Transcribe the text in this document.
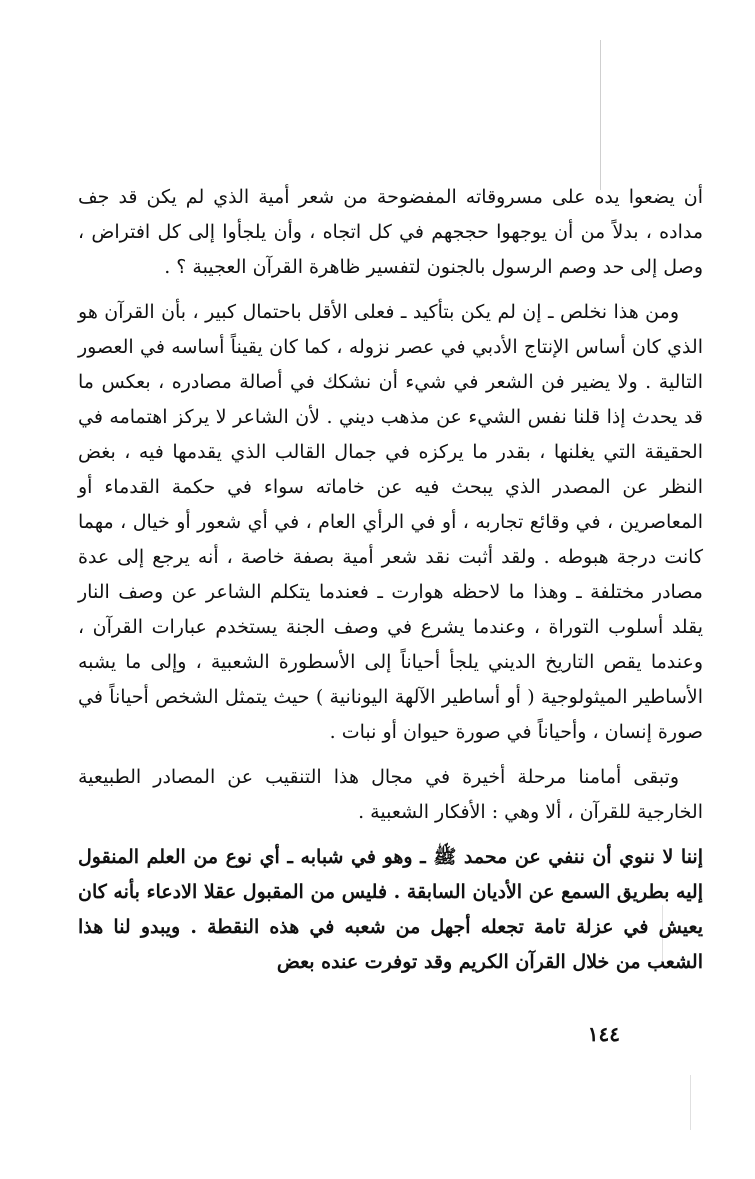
أن يضعوا يده على مسروقاته المفضوحة من شعر أمية الذي لم يكن قد جف مداده ، بدلاً من أن يوجهوا حججهم في كل اتجاه ، وأن يلجأوا إلى كل افتراض ، وصل إلى حد وصم الرسول بالجنون لتفسير ظاهرة القرآن العجيبة ؟ .

ومن هذا نخلص ـ إن لم يكن بتأكيد ـ فعلى الأقل باحتمال كبير ، بأن القرآن هو الذي كان أساس الإنتاج الأدبي في عصر نزوله ، كما كان يقيناً أساسه في العصور التالية . ولا يضير فن الشعر في شيء أن نشكك في أصالة مصادره ، بعكس ما قد يحدث إذا قلنا نفس الشيء عن مذهب ديني . لأن الشاعر لا يركز اهتمامه في الحقيقة التي يغلنها ، بقدر ما يركزه في جمال القالب الذي يقدمها فيه ، بغض النظر عن المصدر الذي يبحث فيه عن خاماته سواء في حكمة القدماء أو المعاصرين ، في وقائع تجاربه ، أو في الرأي العام ، في أي شعور أو خيال ، مهما كانت درجة هبوطه . ولقد أثبت نقد شعر أمية بصفة خاصة ، أنه يرجع إلى عدة مصادر مختلفة ـ وهذا ما لاحظه هوارت ـ فعندما يتكلم الشاعر عن وصف النار يقلد أسلوب التوراة ، وعندما يشرع في وصف الجنة يستخدم عبارات القرآن ، وعندما يقص التاريخ الديني يلجأ أحياناً إلى الأسطورة الشعبية ، وإلى ما يشبه الأساطير الميثولوجية ( أو أساطير الآلهة اليونانية ) حيث يتمثل الشخص أحياناً في صورة إنسان ، وأحياناً في صورة حيوان أو نبات .

وتبقى أمامنا مرحلة أخيرة في مجال هذا التنقيب عن المصادر الطبيعية الخارجية للقرآن ، ألا وهي : الأفكار الشعبية .

إننا لا ننوي أن ننفي عن محمد ﷺ ـ وهو في شبابه ـ أي نوع من العلم المنقول إليه بطريق السمع عن الأديان السابقة . فليس من المقبول عقلا الادعاء بأنه كان يعيش في عزلة تامة تجعله أجهل من شعبه في هذه النقطة . ويبدو لنا هذا الشعب من خلال القرآن الكريم وقد توفرت عنده بعض

١٤٤
